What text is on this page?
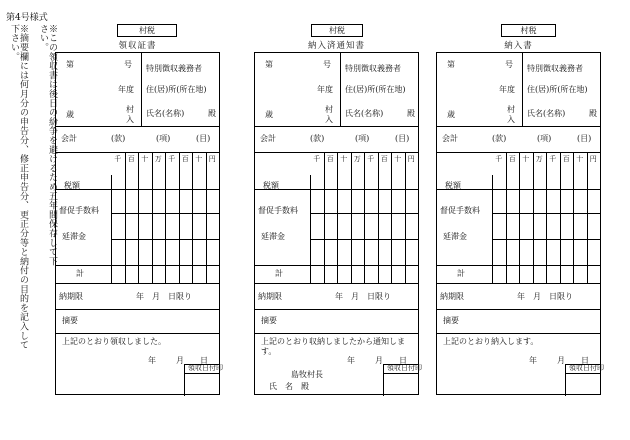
第4号様式
※摘要欄には何月分の申告分、修正申告分、更正分等と納付の目的を記入して下さい。	※この領収書は後日の紛争を避けるため五年間保存して下さい。	村税
領収証書
第	号
年度
村
歳
入
特別徴収義務者
住(居)所(所在地)
氏名(名称)	殿
会計	(款)	(項)	(目)
千 百 十 万 千 百 十 円
税額
督促手数料
延滞金
計
納期限	年　月　日限り
摘要
上記のとおり領収しました。
年	月 日
領収日付印
村税
納入済通知書
第	号
年度
村
歳
入
特別徴収義務者
住(居)所(所在地)
氏名(名称)	殿
会計	(款)	(項)	(目)
千 百 十 万 千 百 十 円
税額
督促手数料
延滞金
計
納期限	年　月　日限り
摘要
上記のとおり収納しましたから通知します。
年	月 日
領収日付印
島牧村長
氏　名　殿
村税
納入書
第	号
年度
村
歳
入
特別徴収義務者
住(居)所(所在地)
氏名(名称)	殿
会計	(款)	(項)	(目)
千 百 十 万 千 百 十 円
税額
督促手数料
延滞金
計
納期限	年　月　日限り
摘要
上記のとおり納入します。
年	月 日
領収日付印
